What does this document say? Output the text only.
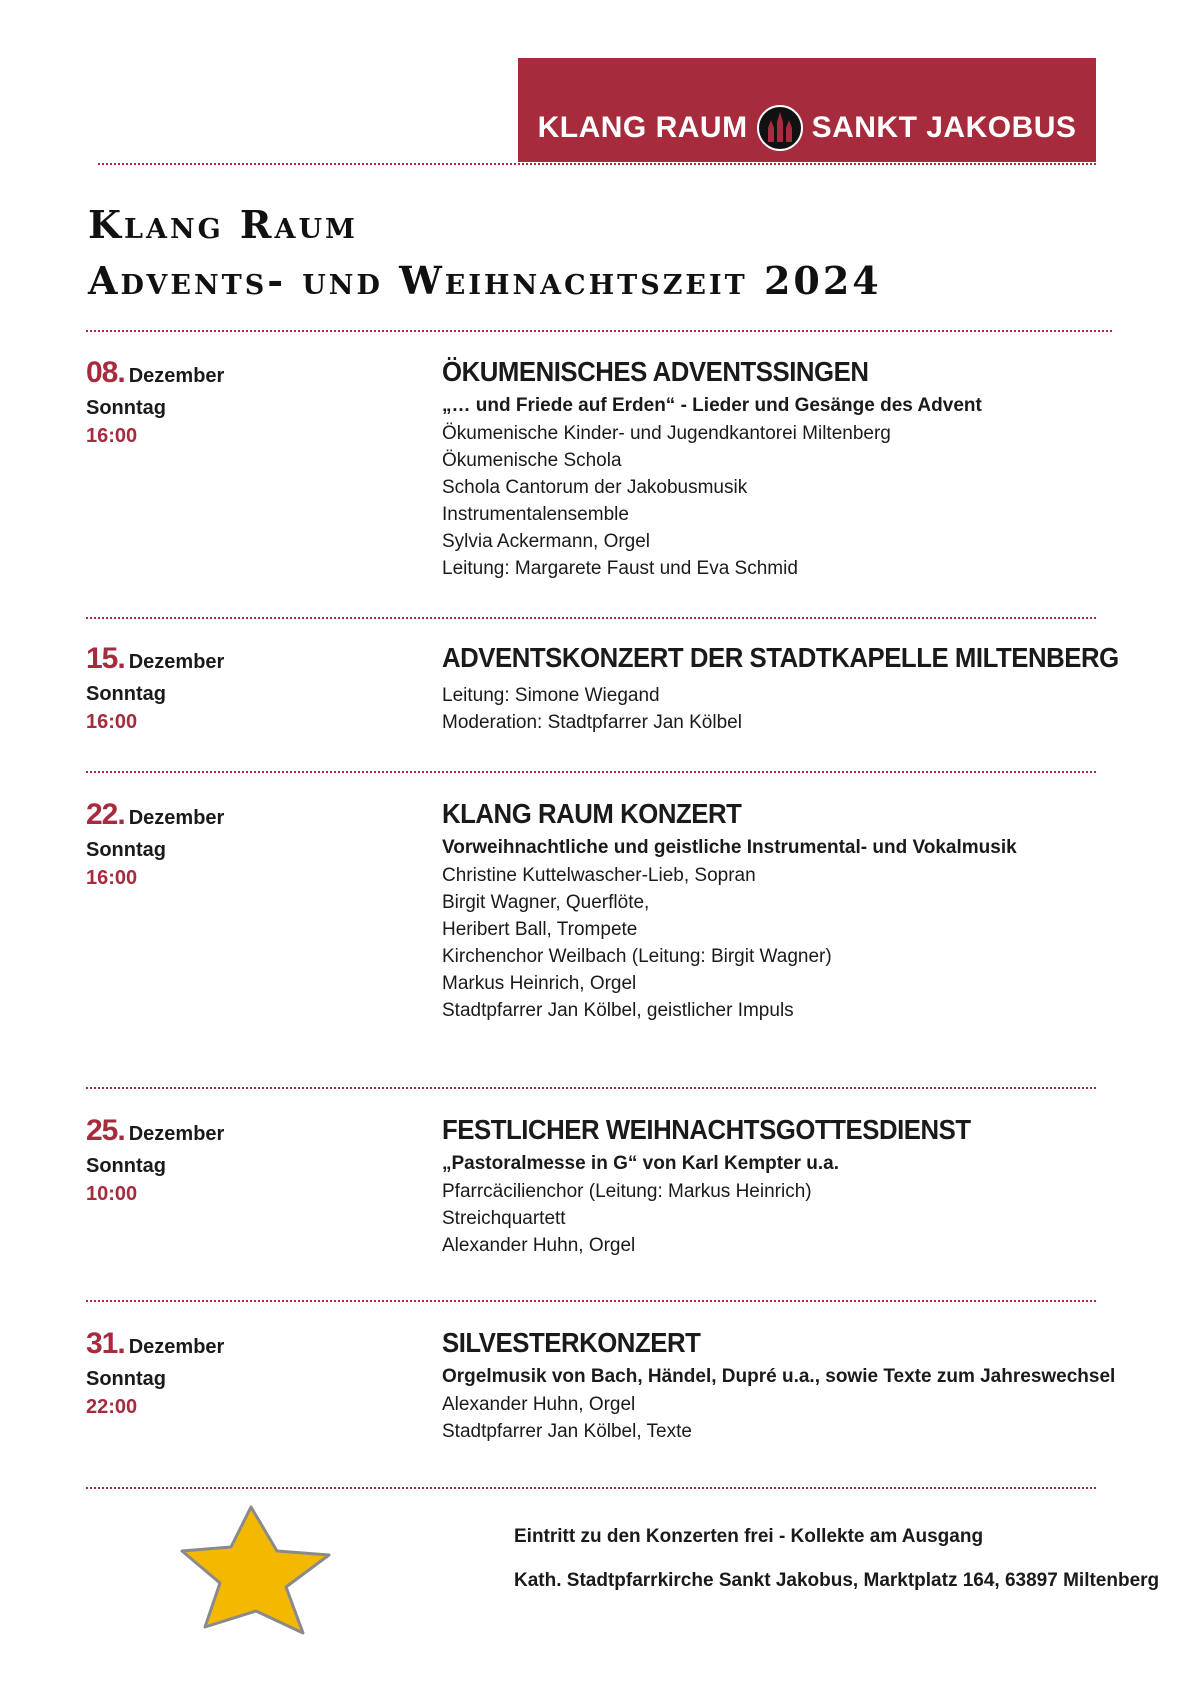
KLANG RAUM SANKT JAKOBUS
Klang Raum
Advents- und Weihnachtszeit 2024
08. Dezember
Sonntag
16:00
ÖKUMENISCHES ADVENTSSINGEN
„… und Friede auf Erden“ - Lieder und Gesänge des Advent
Ökumenische Kinder- und Jugendkantorei Miltenberg
Ökumenische Schola
Schola Cantorum der Jakobusmusik
Instrumentalensemble
Sylvia Ackermann, Orgel
Leitung: Margarete Faust und Eva Schmid
15. Dezember
Sonntag
16:00
ADVENTSKONZERT DER STADTKAPELLE MILTENBERG
Leitung: Simone Wiegand
Moderation: Stadtpfarrer Jan Kölbel
22. Dezember
Sonntag
16:00
KLANG RAUM KONZERT
Vorweihnachtliche und geistliche Instrumental- und Vokalmusik
Christine Kuttelwascher-Lieb, Sopran
Birgit Wagner, Querflöte,
Heribert Ball, Trompete
Kirchenchor Weilbach (Leitung: Birgit Wagner)
Markus Heinrich, Orgel
Stadtpfarrer Jan Kölbel, geistlicher Impuls
25. Dezember
Sonntag
10:00
FESTLICHER WEIHNACHTSGOTTESDIENST
„Pastoralmesse in G“ von Karl Kempter u.a.
Pfarrcäcilienchor (Leitung: Markus Heinrich)
Streichquartett
Alexander Huhn, Orgel
31. Dezember
Sonntag
22:00
SILVESTERKONZERT
Orgelmusik von Bach, Händel, Dupré u.a., sowie Texte zum Jahreswechsel
Alexander Huhn, Orgel
Stadtpfarrer Jan Kölbel, Texte
Eintritt zu den Konzerten frei - Kollekte am Ausgang
Kath. Stadtpfarrkirche Sankt Jakobus, Marktplatz 164, 63897 Miltenberg
